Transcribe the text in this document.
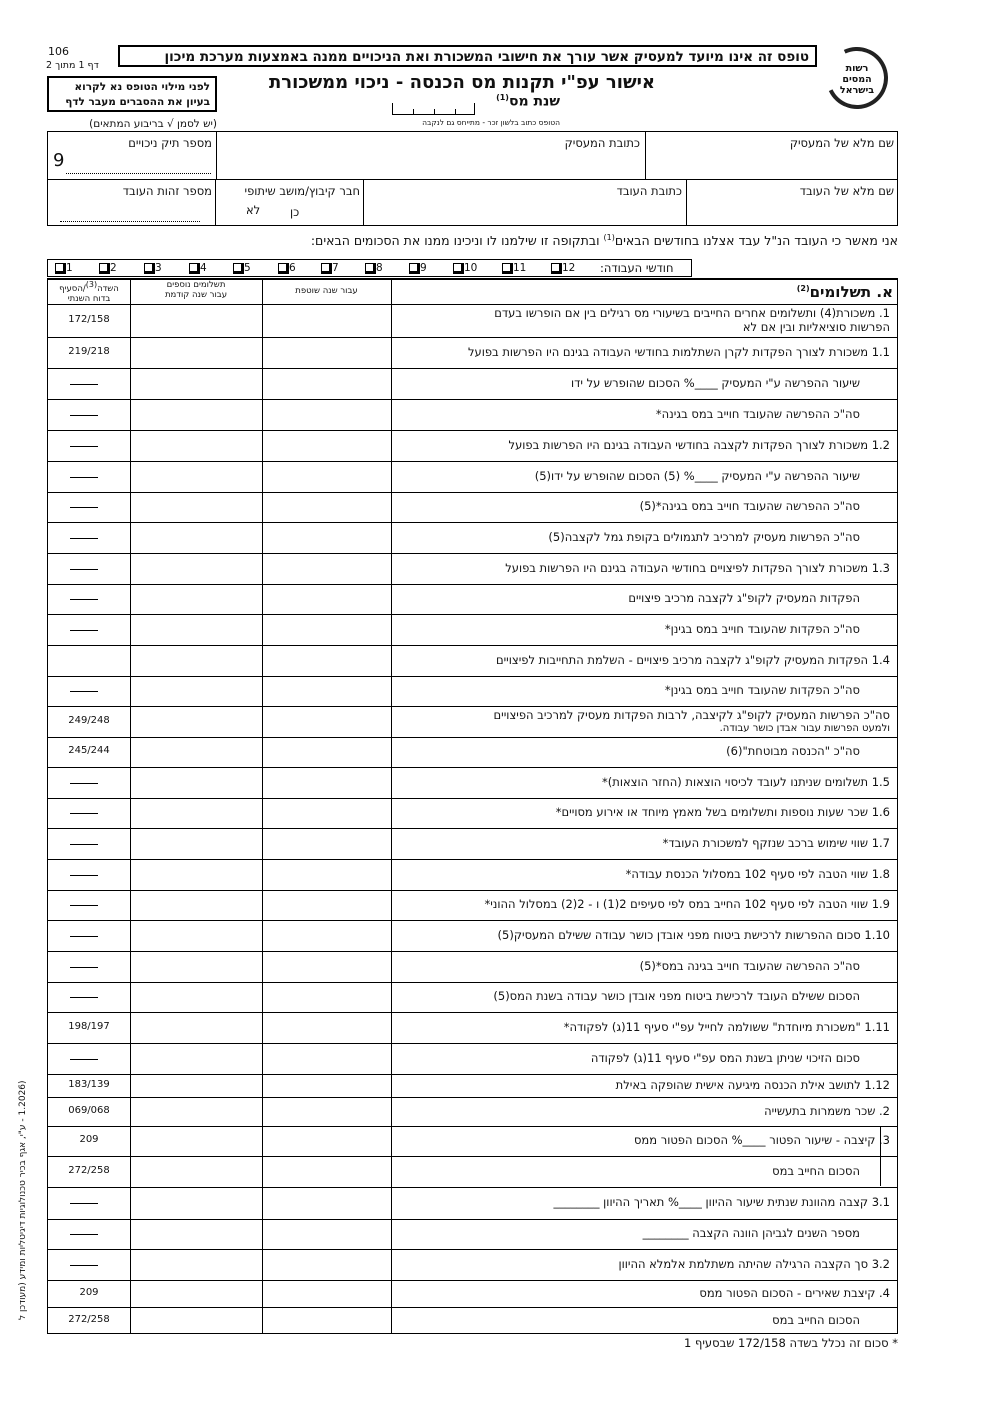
106
דף 1 מתוך 2
טופס זה אינו מיועד למעסיק אשר עורך את חישובי המשכורת ואת הניכויים ממנה באמצעות מערכת מיכון
רשות
המסים
בישראל
לפני מילוי הטופס נא לקרוא
בעיון את ההסברים מעבר לדף
אישור עפ"י תקנות מס הכנסה - ניכוי ממשכורת
שנת מס$^{(1)}$
הטופס כתוב בלשון זכר - מתייחס גם לנקבה
(יש לסמן √ בריבוע המתאים)
שם מלא של המעסיק
כתובת המעסיק
מספר תיק ניכויים
9
שם מלא של העובד
כתובת העובד
חבר קיבוץ/מושב שיתופי
כן
לא
מספר זהות העובד
אני מאשר כי העובד הנ"ל עבד אצלנו בחודשים הבאים$^{(1)}$ ובתקופה זו שילמנו לו וניכינו ממנו את הסכומים הבאים:
חודשי העבודה:
1	2	3	4	5	6	7	8	9	10	11	12
א. תשלומים$^{(2)}$
עבור שנה שוטפת
תשלומים נוספים
עבור שנה קודמת
השדה$^{(3)}$/הסעיף
בדוח השנתי
172/158	1. משכורת(4) ותשלומים אחרים החייבים בשיעורי מס רגילים בין אם הופרשו בעדם
הפרשות סוציאליות ובין אם לא
219/218	1.1 משכורת לצורך הפקדות לקרן השתלמות בחודשי העבודה בגינם היו הפרשות בפועל
שיעור ההפרשה ע"י המעסיק ____% הסכום שהופרש על ידו
סה"כ ההפרשה שהעובד חוייב במס בגינה*
1.2 משכורת לצורך הפקדות לקצבה בחודשי העבודה בגינם היו הפרשות בפועל
שיעור ההפרשה ע"י המעסיק ____% (5) הסכום שהופרש על ידו(5)
סה"כ ההפרשה שהעובד חוייב במס בגינה*(5)
סה"כ הפרשות מעסיק למרכיב לתגמולים בקופת גמל לקצבה(5)
1.3 משכורת לצורך הפקדות לפיצויים בחודשי העבודה בגינם היו הפרשות בפועל
הפקדות המעסיק לקופ"ג לקצבה מרכיב פיצויים
סה"כ הפקדות שהעובד חוייב במס בגינן*
1.4 הפקדות המעסיק לקופ"ג לקצבה מרכיב פיצויים - השלמת התחייבות לפיצויים
סה"כ הפקדות שהעובד חוייב במס בגינן*
249/248	סה"כ הפרשות המעסיק לקופ"ג לקיצבה, לרבות הפקדות מעסיק למרכיב הפיצויים
ולמעט הפרשות עבור אבדן כושר עבודה.
245/244	סה"כ "הכנסה מבוטחת"(6)
1.5 תשלומים שניתנו לעובד לכיסוי הוצאות (החזר הוצאות)*
1.6 שכר שעות נוספות ותשלומים בשל מאמץ מיוחד או אירוע מסויים*
1.7 שווי שימוש ברכב שנזקף למשכורת העובד*
1.8 שווי הטבה לפי סעיף 102 במסלול הכנסת עבודה*
1.9 שווי הטבה לפי סעיף 102 החייב במס לפי סעיפים 2(1) ו - 2(2) במסלול ההוני*
1.10 סכום ההפרשות לרכישת ביטוח מפני אובדן כושר עבודה ששילם המעסיק(5)
סה"כ ההפרשה שהעובד חוייב בגינה במס*(5)
הסכום ששילם העובד לרכישת ביטוח מפני אובדן כושר עבודה בשנת המס(5)
198/197	1.11 "משכורת מיוחדת" ששולמה לחייל עפ"י סעיף 11(ג) לפקודה*
סכום הזיכוי שניתן בשנת המס עפ"י סעיף 11(ג) לפקודה
183/139	1.12 לתושב אילת הכנסה מיגיעה אישית שהופקה באילת
069/068	2. שכר משמרות בתעשייה
209	3. קיצבה - שיעור הפטור ____% הסכום הפטור ממס
272/258	הסכום החייב במס
3.1 קצבה מהוונת שנתית שיעור ההיוון ____% תאריך ההיוון ________
מספר השנים לגביהן הוונה הקצבה ________
3.2 סך הקצבה הרגילה שהיתה משתלמת אלמלא ההיוון
209	4. קיצבת שאירים - הסכום הפטור ממס
272/258	הסכום החייב במס
* סכום זה נכלל בשדה 172/158 שבסעיף 1
(1.2026 - ע"י, אגף בכיר טכנולוגיות דיגיטליות ומידע (מעודכן ל
